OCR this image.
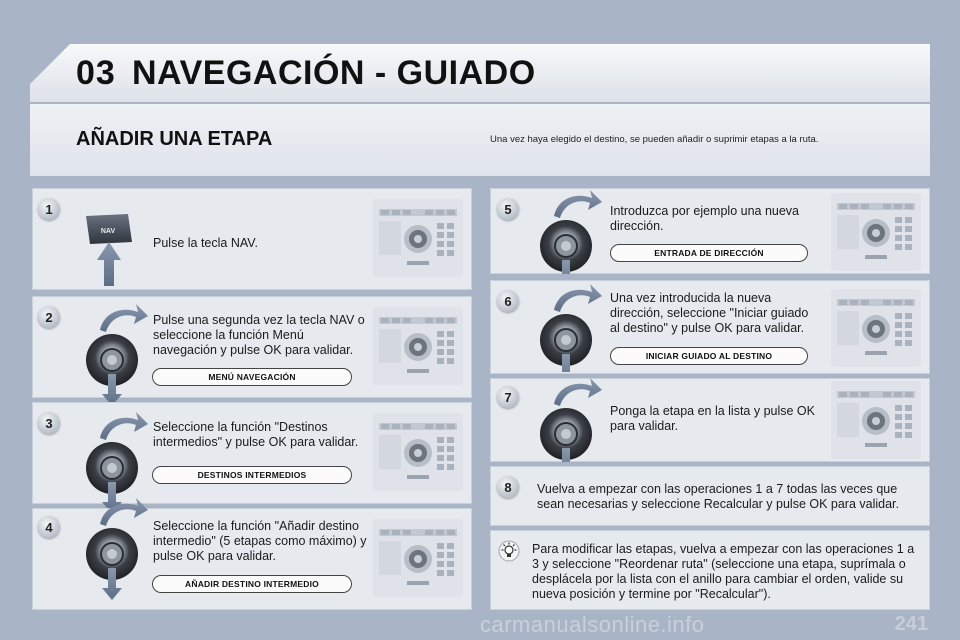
03 NAVEGACIÓN - GUIADO
AÑADIR UNA ETAPA	Una vez haya elegido el destino, se pueden añadir o suprimir etapas a la ruta.
1
NAV
Pulse la tecla NAV.
2	Pulse una segunda vez la tecla NAV o seleccione la función Menú navegación y pulse OK para validar.
MENÚ NAVEGACIÓN
3	Seleccione la función "Destinos intermedios" y pulse OK para validar.
DESTINOS INTERMEDIOS
4	Seleccione la función "Añadir destino intermedio" (5 etapas como máximo) y pulse OK para validar.
AÑADIR DESTINO INTERMEDIO
5	Introduzca por ejemplo una nueva dirección.
ENTRADA DE DIRECCIÓN
6	Una vez introducida la nueva dirección, seleccione "Iniciar guiado al destino" y pulse OK para validar.
INICIAR GUIADO AL DESTINO
7
Ponga la etapa en la lista y pulse OK para validar.
8	Vuelva a empezar con las operaciones 1 a 7 todas las veces que sean necesarias y seleccione Recalcular y pulse OK para validar.
Para modificar las etapas, vuelva a empezar con las operaciones 1 a 3 y seleccione "Reordenar ruta" (seleccione una etapa, suprímala o desplácela por la lista con el anillo para cambiar el orden, valide su nueva posición y termine por "Recalcular").
241
carmanualsonline.info
